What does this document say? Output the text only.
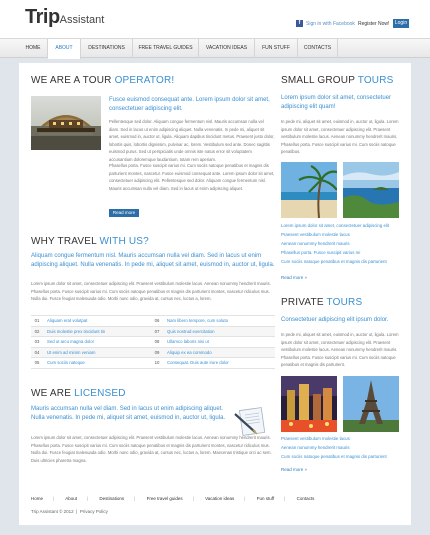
TripAssistant	f	Sign in with Facebook Register Now!	Login
HOME	ABOUT	DESTINATIONS	FREE TRAVEL GUIDES	VACATION IDEAS	FUN STUFF	CONTACTS
WE ARE A TOUR OPERATOR!
Fusce euismod consequat ante. Lorem ipsum dolor sit amet, consectetuer adipiscing elit.
Pellentesque sed dolor. Aliquam congue fermentum nisl. Mauris accumsan nulla vel diam. Sed in lacus ut enim adipiscing aliquet. Nulla venenatis. In pede mi, aliquet sit amet, euismod in, auctor ut, ligula. Aliquam dapibus tincidunt metus. Praesent justo dolor, lobortis quis, lobortis dignissim, pulvinar ac, lorem. Vestibulum sed ante. Donec sagittis euismod purus. Sed ut perspiciatis unde omnis iste natus error sit voluptatem accusantium doloremque laudantium, totam rem aperiam.
Phasellus porta. Fusce suscipit varius mi. Cum sociis natoque penatibus et magnis dis parturient montes, nascetur. Fusce euismod consequat ante. Lorem ipsum dolor sit amet, consectetuer adipiscing elit. Pellentesque sed dolor. Aliquam congue fermentum nisl. Mauris accumsan nulla vel diam. Sed in lacus ut enim adipiscing aliquet.
Read more
WHY TRAVEL WITH US?
Aliquam congue fermentum nisl. Mauris accumsan nulla vel diam. Sed in lacus ut enim adipiscing aliquet. Nulla venenatis. In pede mi, aliquet sit amet, euismod in, auctor ut, ligula.
Lorem ipsum dolor sit amet, consectetuer adipiscing elit. Praesent vestibulum molestie lacus. Aenean nonummy hendrerit mauris. Phasellus porta. Fusce suscipit varius mi. Cum sociis natoque penatibus et magnis dis parturient montes, nascetur ridiculus mus. Nulla dui. Fusce feugiat malesuada odio. Morbi nunc odio, gravida at, cursus nec, luctus a, lorem.
01	Aliquam erat volutpat	06	Nam libero tempore, cum soluta
02	Duis molestie prex tincidunt tin	07	Quis nostrud exercitation
03	Sed ut arcu magna dolor	08	Ullamco laboris nisi ut
04	Ut enim ad minim veniam	09	Aliquip ex ea commodo
05	Cum sociis natoque	10	Consequat. Duis aute irure dolor
WE ARE LICENSED
Mauris accumsan nulla vel diam. Sed in lacus ut enim adipiscing aliquet. Nulla venenatis. In pede mi, aliquet sit amet, euismod in, auctor ut, ligula.
Lorem ipsum dolor sit amet, consectetuer adipiscing elit. Praesent vestibulum molestie lacus. Aenean nonummy hendrerit mauris. Phasellus porta. Fusce suscipit varius mi. Cum sociis natoque penatibus et magnis dis parturient montes, nascetur ridiculus mus. Nulla dui. Fusce feugiat malesuada odio. Morbi nunc odio, gravida at, cursus nec, luctus a, lorem. Maecenas tristique orci ac sem. Duis ultricies pharetra magna.
Home | About |	Destinations |	Free travel guides |	Vacation ideas |	Fun stuff |	Contacts
Trip Assistant © 2012  |  Privacy Policy
SMALL GROUP TOURS
Lorem ipsum dolor sit amet, consectetuer adipiscing elit quam!
In pede mi, aliquet sit amet, euismod in, auctor ut, ligula. Lorem ipsum dolor sit amet, consectetuer adipiscing elit. Praesent vestibulum molestie lacus. Aenean nonummy hendrerit mauris. Phasellus porta. Fusce suscipit varius mi. Cum sociis natoque penatibus.
Lorem ipsum dolor sit amet, consectetuer adipiscing elit
Praesent vestibulum molestie lacus
Aenean nonummy hendrerit mauris
Phasellus porta. Fusce suscipit varius mi
Cum sociis natoque penatibus et magnis dis parturient
Read more »
PRIVATE TOURS
Consectetuer adipiscing elit ipsum dolor.
In pede mi, aliquet sit amet, euismod in, auctor ut, ligula. Lorem ipsum dolor sit amet, consectetuer adipiscing elit. Praesent vestibulum molestie lacus. Aenean nonummy hendrerit mauris. Phasellus porta. Fusce suscipit varius mi. Cum sociis natoque penatibus et magnis dis parturient.
Praesent vestibulum molestie lacus
Aenean nonummy hendrerit mauris
Cum sociis natoque penatibus et magnis dis parturient
Read more »
